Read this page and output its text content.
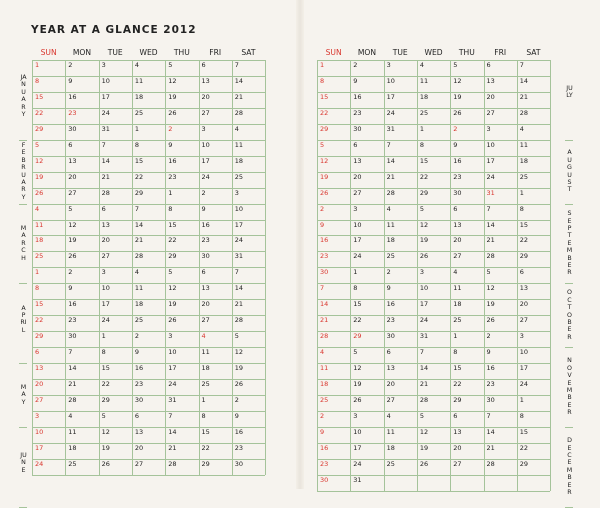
YEAR AT A GLANCE 2012
SUN	MON	TUE	WED	THU	FRI	SAT
1	2	3	4	5	6	7
8	9	10	11	12	13	14
15	16	17	18	19	20	21
22	23	24	25	26	27	28
29	30	31	1	2	3	4
5	6	7	8	9	10	11
12	13	14	15	16	17	18
19	20	21	22	23	24	25
26	27	28	29	1	2	3
4	5	6	7	8	9	10
11	12	13	14	15	16	17
18	19	20	21	22	23	24
25	26	27	28	29	30	31
1	2	3	4	5	6	7
8	9	10	11	12	13	14
15	16	17	18	19	20	21
22	23	24	25	26	27	28
29	30	1	2	3	4	5
6	7	8	9	10	11	12
13	14	15	16	17	18	19
20	21	22	23	24	25	26
27	28	29	30	31	1	2
3	4	5	6	7	8	9
10	11	12	13	14	15	16
17	18	19	20	21	22	23
24	25	26	27	28	29	30
JANUARY
FEBRUARY
MARCH
APRIL
MAY
JUNE
SUN	MON	TUE	WED	THU	FRI	SAT
1	2	3	4	5	6	7
8	9	10	11	12	13	14
15	16	17	18	19	20	21
22	23	24	25	26	27	28
29	30	31	1	2	3	4
5	6	7	8	9	10	11
12	13	14	15	16	17	18
19	20	21	22	23	24	25
26	27	28	29	30	31	1
2	3	4	5	6	7	8
9	10	11	12	13	14	15
16	17	18	19	20	21	22
23	24	25	26	27	28	29
30	1	2	3	4	5	6
7	8	9	10	11	12	13
14	15	16	17	18	19	20
21	22	23	24	25	26	27
28	29	30	31	1	2	3
4	5	6	7	8	9	10
11	12	13	14	15	16	17
18	19	20	21	22	23	24
25	26	27	28	29	30	1
2	3	4	5	6	7	8
9	10	11	12	13	14	15
16	17	18	19	20	21	22
23	24	25	26	27	28	29
30	31
JULY
AUGUST
SEPTEMBER
OCTOBER
NOVEMBER
DECEMBER
